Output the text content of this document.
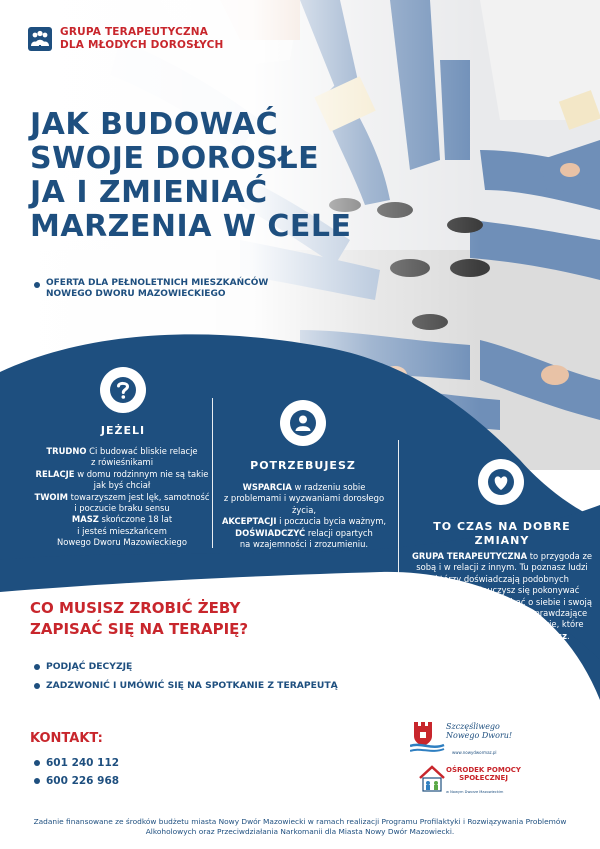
GRUPA TERAPEUTYCZNA
DLA MŁODYCH DOROSŁYCH
JAK BUDOWAĆ
SWOJE DOROSŁE
JA I ZMIENIAĆ
MARZENIA W CELE
OFERTA DLA PEŁNOLETNICH MIESZKAŃCÓW
NOWEGO DWORU MAZOWIECKIEGO
JEŻELI
TRUDNO Ci budować bliskie relacje
z rówieśnikami
RELACJE w domu rodzinnym nie są takie
jak byś chciał
TWOIM towarzyszem jest lęk, samotność
i poczucie braku sensu
MASZ skończone 18 lat
i jesteś mieszkańcem
Nowego Dworu Mazowieckiego
POTRZEBUJESZ
WSPARCIA w radzeniu sobie
z problemami i wyzwaniami dorosłego
życia,
AKCEPTACJI i poczucia bycia ważnym,
DOŚWIADCZYĆ relacji opartych
na wzajemności i zrozumieniu.
TO CZAS NA DOBRE
ZMIANY
GRUPA TERAPEUTYCZNA to przygoda ze
sobą i w relacji z innym. Tu poznasz ludzi
którzy doświadczają podobnych
problemów. Nauczysz się pokonywać
własne ograniczenia i dbać o siebie i swoją
dobrą przyszłość. Stare niesprawdzające
się schematy zamienisz na takie, które
pozwolą Ci żyć tak jak chcesz.
CO MUSISZ ZROBIĆ ŻEBY
ZAPISAĆ SIĘ NA TERAPIĘ?
PODJĄĆ DECYZJĘ
ZADZWONIĆ I UMÓWIĆ SIĘ NA SPOTKANIE Z TERAPEUTĄ
KONTAKT:
601 240 112
600 226 968
Szczęśliwego
Nowego Dworu!
www.nowydwormaz.pl
OŚRODEK POMOCY
SPOŁECZNEJ
w Nowym Dworze Mazowieckim
Zadanie finansowane ze środków budżetu miasta Nowy Dwór Mazowiecki w ramach realizacji Programu Profilaktyki i Rozwiązywania Problemów
Alkoholowych oraz Przeciwdziałania Narkomanii dla Miasta Nowy Dwór Mazowiecki.
